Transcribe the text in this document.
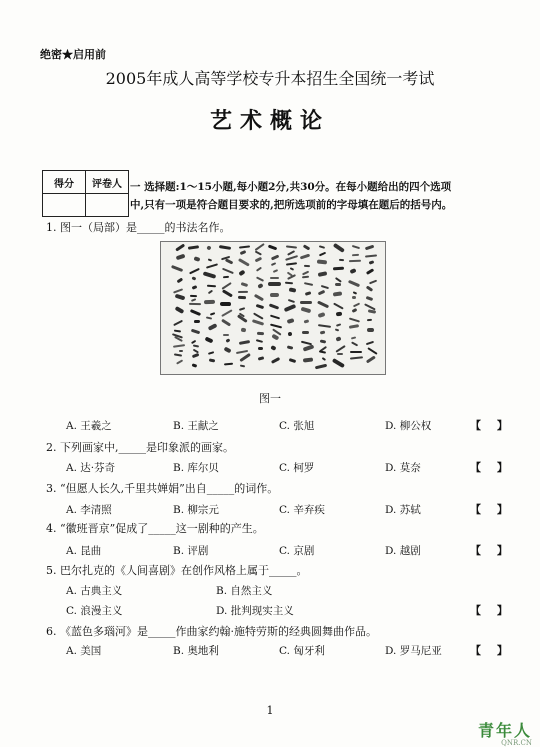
绝密★启用前
2005年成人高等学校专升本招生全国统一考试
艺术概论
得分	评卷人
	一 选择题:1～15小题,每小题2分,共30分。在每小题给出的四个选项
中,只有一项是符合题目要求的,把所选项前的字母填在题后的括号内。
1. 图一（局部）是_____的书法名作。
图一
A. 王羲之	B. 王献之	C. 张旭	D. 柳公权	【 】
2. 下列画家中,_____是印象派的画家。
A. 达·芬奇	B. 库尔贝	C. 柯罗	D. 莫奈	【 】
3. “但愿人长久,千里共婵娟”出自_____的词作。
A. 李清照	B. 柳宗元	C. 辛弃疾	D. 苏轼	【 】
4. “徽班晋京”促成了_____这一剧种的产生。
A. 昆曲	B. 评剧	C. 京剧	D. 越剧	【 】
5. 巴尔扎克的《人间喜剧》在创作风格上属于_____。
A. 古典主义	B. 自然主义
C. 浪漫主义	D. 批判现实主义	【 】
6. 《蓝色多瑙河》是_____作曲家约翰·施特劳斯的经典圆舞曲作品。
A. 美国	B. 奥地利	C. 匈牙利	D. 罗马尼亚	【 】
1
青年人
QNR.CN
